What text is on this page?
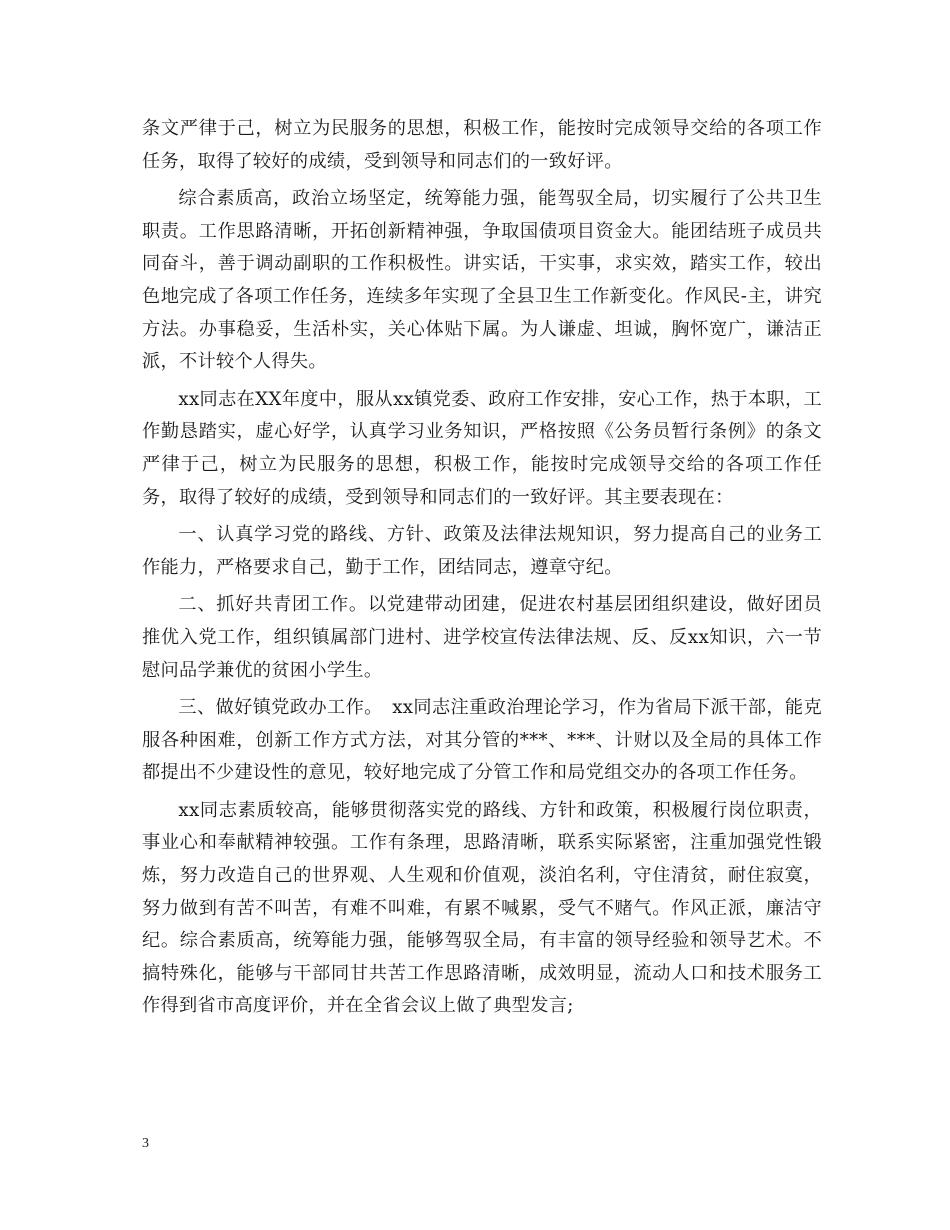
条文严律于己，树立为民服务的思想，积极工作，能按时完成领导交给的各项工作任务，取得了较好的成绩，受到领导和同志们的一致好评。

综合素质高，政治立场坚定，统筹能力强，能驾驭全局，切实履行了公共卫生职责。工作思路清晰，开拓创新精神强，争取国债项目资金大。能团结班子成员共同奋斗，善于调动副职的工作积极性。讲实话，干实事，求实效，踏实工作，较出色地完成了各项工作任务，连续多年实现了全县卫生工作新变化。作风民-主，讲究方法。办事稳妥，生活朴实，关心体贴下属。为人谦虚、坦诚，胸怀宽广，谦洁正派，不计较个人得失。

xx同志在XX年度中，服从xx镇党委、政府工作安排，安心工作，热于本职，工作勤恳踏实，虚心好学，认真学习业务知识，严格按照《公务员暂行条例》的条文严律于己，树立为民服务的思想，积极工作，能按时完成领导交给的各项工作任务，取得了较好的成绩，受到领导和同志们的一致好评。其主要表现在：

一、认真学习党的路线、方针、政策及法律法规知识，努力提高自己的业务工作能力，严格要求自己，勤于工作，团结同志，遵章守纪。

二、抓好共青团工作。以党建带动团建，促进农村基层团组织建设，做好团员推优入党工作，组织镇属部门进村、进学校宣传法律法规、反、反xx知识，六一节慰问品学兼优的贫困小学生。

三、做好镇党政办工作。　xx同志注重政治理论学习，作为省局下派干部，能克服各种困难，创新工作方式方法，对其分管的***、***、计财以及全局的具体工作都提出不少建设性的意见，较好地完成了分管工作和局党组交办的各项工作任务。

xx同志素质较高，能够贯彻落实党的路线、方针和政策，积极履行岗位职责，事业心和奉献精神较强。工作有条理，思路清晰，联系实际紧密，注重加强党性锻炼，努力改造自己的世界观、人生观和价值观，淡泊名利，守住清贫，耐住寂寞，努力做到有苦不叫苦，有难不叫难，有累不喊累，受气不赌气。作风正派，廉洁守纪。综合素质高，统筹能力强，能够驾驭全局，有丰富的领导经验和领导艺术。不搞特殊化，能够与干部同甘共苦工作思路清晰，成效明显，流动人口和技术服务工作得到省市高度评价，并在全省会议上做了典型发言;

3
